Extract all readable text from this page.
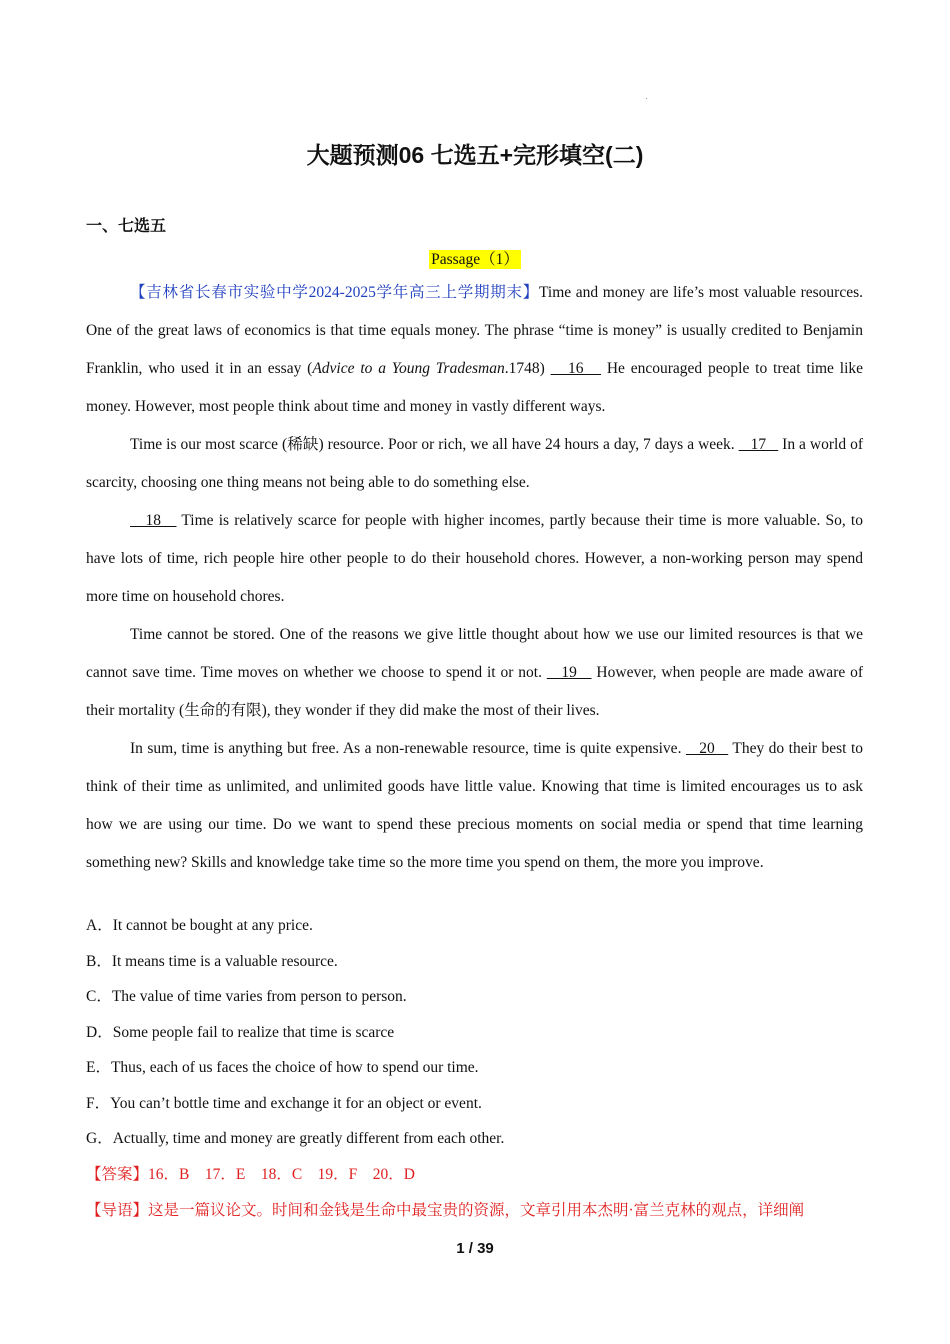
大题预测06 七选五+完形填空(二)
一、七选五
Passage（1）

【吉林省长春市实验中学2024-2025学年高三上学期期末】Time and money are life’s most valuable resources. One of the great laws of economics is that time equals money. The phrase “time is money” is usually credited to Benjamin Franklin, who used it in an essay (Advice to a Young Tradesman.1748)    16    He encouraged people to treat time like money. However, most people think about time and money in vastly different ways.

Time is our most scarce (稀缺) resource. Poor or rich, we all have 24 hours a day, 7 days a week.    17    In a world of scarcity, choosing one thing means not being able to do something else.

18    Time is relatively scarce for people with higher incomes, partly because their time is more valuable. So, to have lots of time, rich people hire other people to do their household chores. However, a non-working person may spend more time on household chores.

Time cannot be stored. One of the reasons we give little thought about how we use our limited resources is that we cannot save time. Time moves on whether we choose to spend it or not.    19    However, when people are made aware of their mortality (生命的有限), they wonder if they did make the most of their lives.

In sum, time is anything but free. As a non-renewable resource, time is quite expensive.    20    They do their best to think of their time as unlimited, and unlimited goods have little value. Knowing that time is limited encourages us to ask how we are using our time. Do we want to spend these precious moments on social media or spend that time learning something new? Skills and knowledge take time so the more time you spend on them, the more you improve.

A．It cannot be bought at any price.
B．It means time is a valuable resource.
C．The value of time varies from person to person.
D．Some people fail to realize that time is scarce
E．Thus, each of us faces the choice of how to spend our time.
F．You can’t bottle time and exchange it for an object or event.
G．Actually, time and money are greatly different from each other.
【答案】16．B　17．E　18．C　19．F　20．D
【导语】这是一篇议论文。时间和金钱是生命中最宝贵的资源，文章引用本杰明·富兰克林的观点，详细阐
1 / 39
